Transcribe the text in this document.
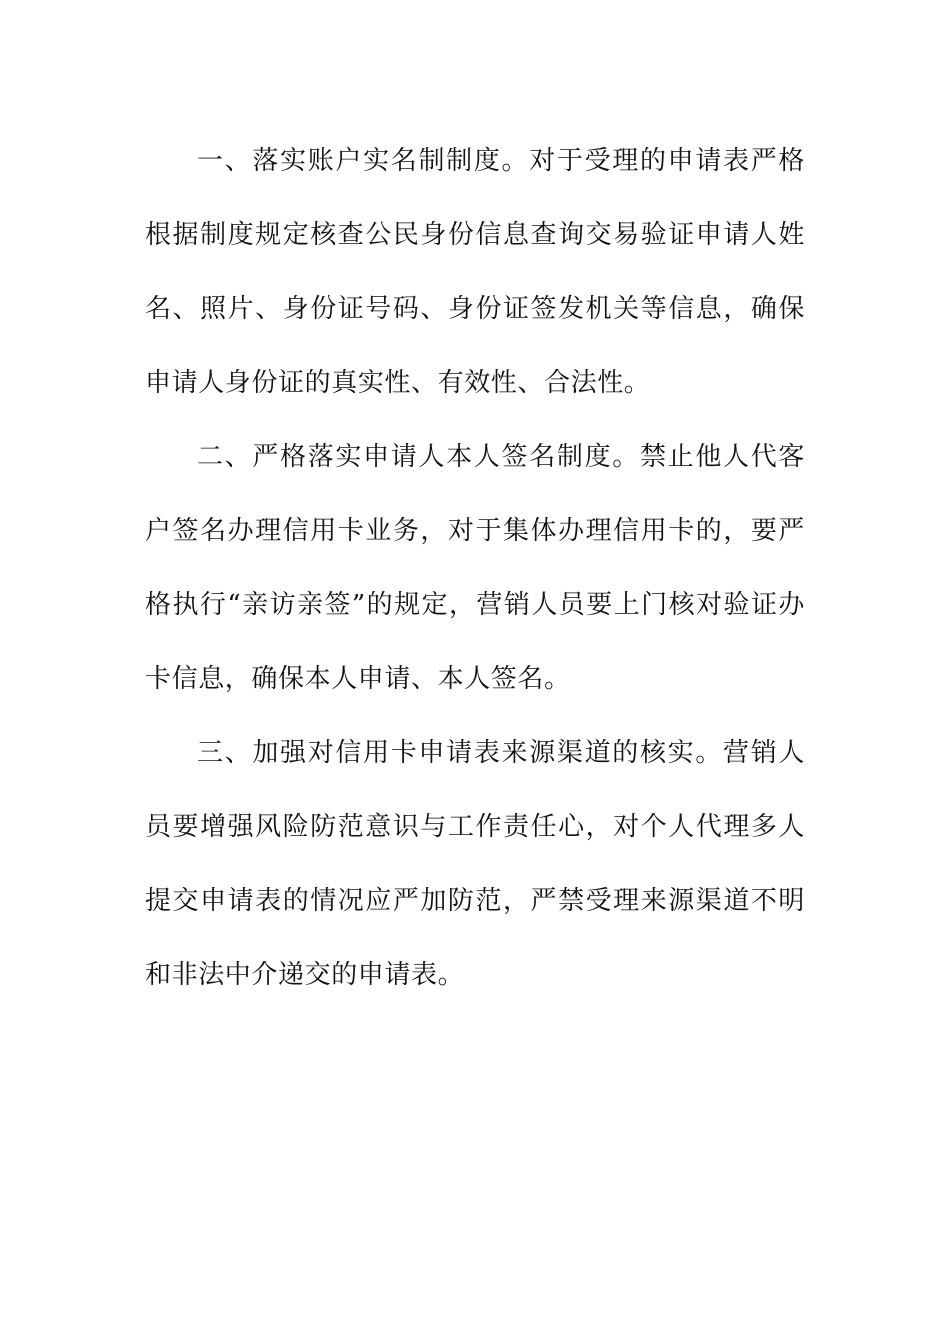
一、落实账户实名制制度。对于受理的申请表严格根据制度规定核查公民身份信息查询交易验证申请人姓名、照片、身份证号码、身份证签发机关等信息，确保申请人身份证的真实性、有效性、合法性。

二、严格落实申请人本人签名制度。禁止他人代客户签名办理信用卡业务，对于集体办理信用卡的，要严格执行“亲访亲签”的规定，营销人员要上门核对验证办卡信息，确保本人申请、本人签名。

三、加强对信用卡申请表来源渠道的核实。营销人员要增强风险防范意识与工作责任心，对个人代理多人提交申请表的情况应严加防范，严禁受理来源渠道不明和非法中介递交的申请表。
